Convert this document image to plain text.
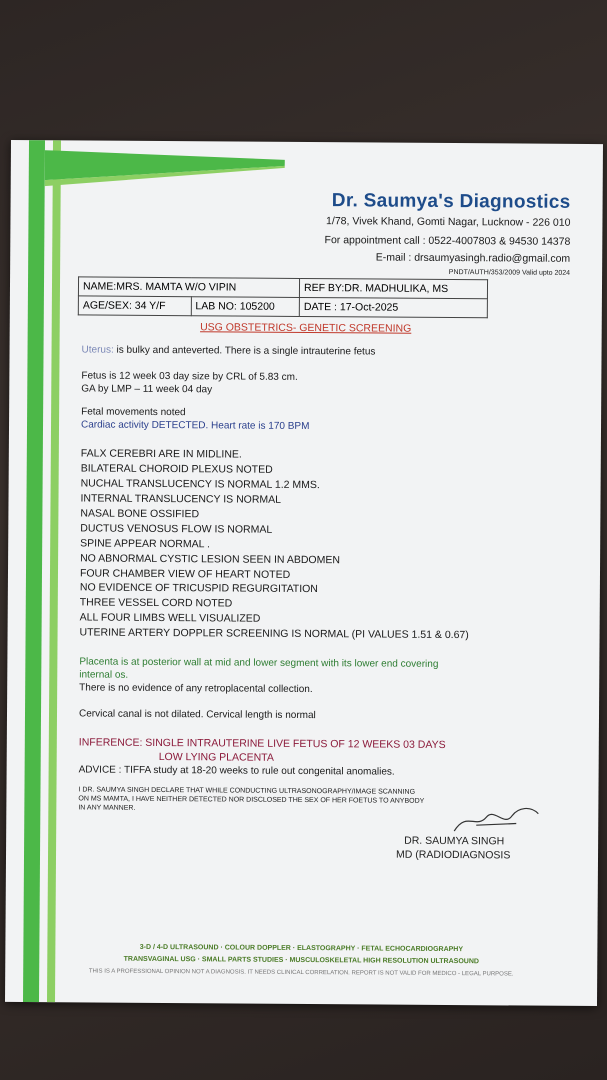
Dr. Saumya's Diagnostics
1/78, Vivek Khand, Gomti Nagar, Lucknow - 226 010
For appointment call : 0522-4007803 & 94530 14378
E-mail : drsaumyasingh.radio@gmail.com
PNDT/AUTH/353/2009 Valid upto 2024
NAME:MRS. MAMTA W/O VIPIN		REF BY:DR. MADHULIKA, MS
AGE/SEX: 34 Y/F	LAB NO: 105200	DATE : 17-Oct-2025
USG OBSTETRICS- GENETIC SCREENING
Uterus: is bulky and anteverted. There is a single intrauterine fetus
Fetus is 12 week 03 day size by CRL of 5.83 cm.
GA by LMP – 11 week 04 day
Fetal movements noted
Cardiac activity DETECTED. Heart rate is 170 BPM
FALX CEREBRI ARE IN MIDLINE.
BILATERAL CHOROID PLEXUS NOTED
NUCHAL TRANSLUCENCY IS NORMAL 1.2 MMS.
INTERNAL TRANSLUCENCY IS NORMAL
NASAL BONE OSSIFIED
DUCTUS VENOSUS FLOW IS NORMAL
SPINE APPEAR NORMAL .
NO ABNORMAL CYSTIC LESION SEEN IN ABDOMEN
FOUR CHAMBER VIEW OF HEART NOTED
NO EVIDENCE OF TRICUSPID REGURGITATION
THREE VESSEL CORD NOTED
ALL FOUR LIMBS WELL VISUALIZED
UTERINE ARTERY DOPPLER SCREENING IS NORMAL (PI VALUES 1.51 & 0.67)
Placenta is at posterior wall at mid and lower segment with its lower end covering
internal os.
There is no evidence of any retroplacental collection.
Cervical canal is not dilated. Cervical length is normal
INFERENCE: SINGLE INTRAUTERINE LIVE FETUS OF 12 WEEKS 03 DAYS
LOW LYING PLACENTA
ADVICE : TIFFA study at 18-20 weeks to rule out congenital anomalies.
I DR. SAUMYA SINGH DECLARE THAT WHILE CONDUCTING ULTRASONOGRAPHY/IMAGE SCANNING
ON MS MAMTA, I HAVE NEITHER DETECTED NOR DISCLOSED THE SEX OF HER FOETUS TO ANYBODY
IN ANY MANNER.
DR. SAUMYA SINGH
MD (RADIODIAGNOSIS
3-D / 4-D ULTRASOUND · COLOUR DOPPLER · ELASTOGRAPHY · FETAL ECHOCARDIOGRAPHY
TRANSVAGINAL USG · SMALL PARTS STUDIES · MUSCULOSKELETAL HIGH RESOLUTION ULTRASOUND
THIS IS A PROFESSIONAL OPINION NOT A DIAGNOSIS. IT NEEDS CLINICAL CORRELATION. REPORT IS NOT VALID FOR MEDICO - LEGAL PURPOSE.
